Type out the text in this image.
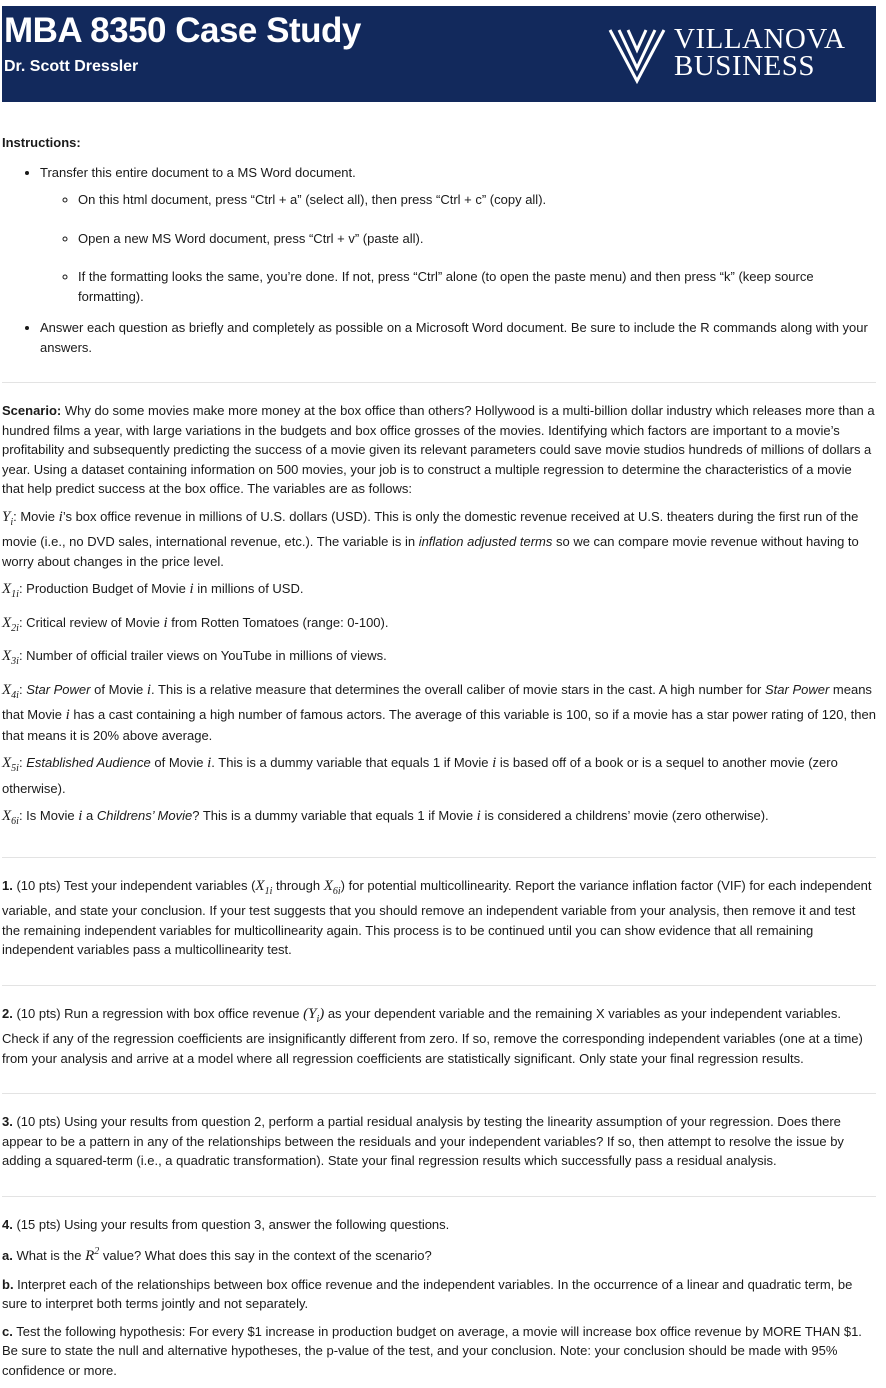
MBA 8350 Case Study
Dr. Scott Dressler
VILLANOVA
BUSINESS
Instructions:
• Transfer this entire document to a MS Word document.
◦ On this html document, press “Ctrl + a” (select all), then press “Ctrl + c” (copy all).
◦ Open a new MS Word document, press “Ctrl + v” (paste all).
◦ If the formatting looks the same, you’re done. If not, press “Ctrl” alone (to open the paste menu) and then press “k” (keep source formatting).
• Answer each question as briefly and completely as possible on a Microsoft Word document. Be sure to include the R commands along with your answers.

Scenario: Why do some movies make more money at the box office than others? Hollywood is a multi-billion dollar industry which releases more than a hundred films a year, with large variations in the budgets and box office grosses of the movies. Identifying which factors are important to a movie’s profitability and subsequently predicting the success of a movie given its relevant parameters could save movie studios hundreds of millions of dollars a year. Using a dataset containing information on 500 movies, your job is to construct a multiple regression to determine the characteristics of a movie that help predict success at the box office. The variables are as follows:

$Y_i$: Movie i’s box office revenue in millions of U.S. dollars (USD). This is only the domestic revenue received at U.S. theaters during the first run of the movie (i.e., no DVD sales, international revenue, etc.). The variable is in inflation adjusted terms so we can compare movie revenue without having to worry about changes in the price level.

$X_{1i}$: Production Budget of Movie i in millions of USD.

$X_{2i}$: Critical review of Movie i from Rotten Tomatoes (range: 0-100).

$X_{3i}$: Number of official trailer views on YouTube in millions of views.

$X_{4i}$: Star Power of Movie i. This is a relative measure that determines the overall caliber of movie stars in the cast. A high number for Star Power means that Movie i has a cast containing a high number of famous actors. The average of this variable is 100, so if a movie has a star power rating of 120, then that means it is 20% above average.

$X_{5i}$: Established Audience of Movie i. This is a dummy variable that equals 1 if Movie i is based off of a book or is a sequel to another movie (zero otherwise).

$X_{6i}$: Is Movie i a Childrens’ Movie? This is a dummy variable that equals 1 if Movie i is considered a childrens’ movie (zero otherwise).

1. (10 pts) Test your independent variables ($X_{1i}$ through $X_{6i}$) for potential multicollinearity. Report the variance inflation factor (VIF) for each independent variable, and state your conclusion. If your test suggests that you should remove an independent variable from your analysis, then remove it and test the remaining independent variables for multicollinearity again. This process is to be continued until you can show evidence that all remaining independent variables pass a multicollinearity test.

2. (10 pts) Run a regression with box office revenue $(Y_i)$ as your dependent variable and the remaining X variables as your independent variables. Check if any of the regression coefficients are insignificantly different from zero. If so, remove the corresponding independent variables (one at a time) from your analysis and arrive at a model where all regression coefficients are statistically significant. Only state your final regression results.

3. (10 pts) Using your results from question 2, perform a partial residual analysis by testing the linearity assumption of your regression. Does there appear to be a pattern in any of the relationships between the residuals and your independent variables? If so, then attempt to resolve the issue by adding a squared-term (i.e., a quadratic transformation). State your final regression results which successfully pass a residual analysis.

4. (15 pts) Using your results from question 3, answer the following questions.

a. What is the $R^2$ value? What does this say in the context of the scenario?

b. Interpret each of the relationships between box office revenue and the independent variables. In the occurrence of a linear and quadratic term, be sure to interpret both terms jointly and not separately.

c. Test the following hypothesis: For every $1 increase in production budget on average, a movie will increase box office revenue by MORE THAN $1. Be sure to state the null and alternative hypotheses, the p-value of the test, and your conclusion. Note: your conclusion should be made with 95% confidence or more.
